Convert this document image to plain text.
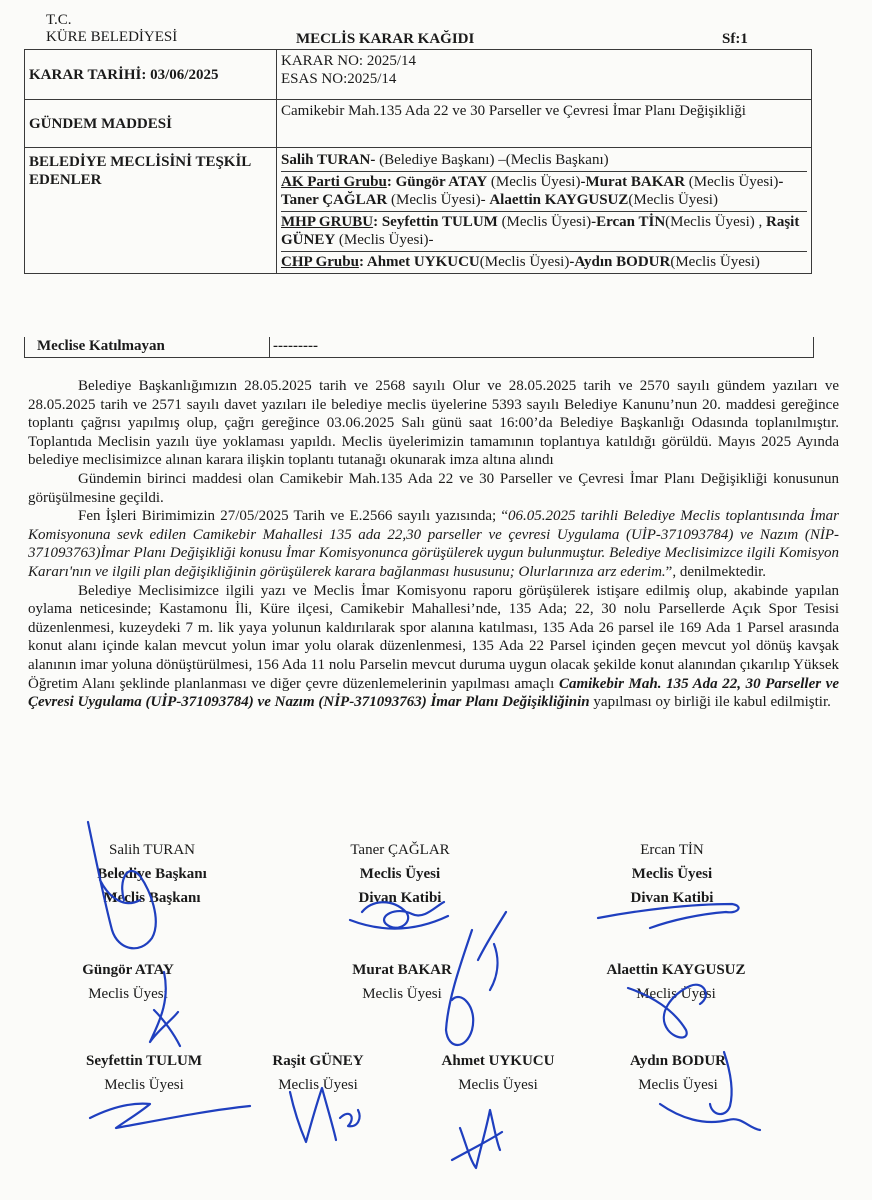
T.C.
KÜRE BELEDİYESİ	MECLİS KARAR KAĞIDI	Sf:1
KARAR TARİHİ: 03/06/2025	KARAR NO: 2025/14
ESAS NO:2025/14

GÜNDEM MADDESİ	Camikebir Mah.135 Ada 22 ve 30 Parseller ve Çevresi İmar Planı Değişikliği
BELEDİYE MECLİSİNİ TEŞKİL EDENLER	Salih TURAN- (Belediye Başkanı) –(Meclis Başkanı)
AK Parti Grubu: Güngör ATAY (Meclis Üyesi)-Murat BAKAR (Meclis Üyesi)-Taner ÇAĞLAR (Meclis Üyesi)- Alaettin KAYGUSUZ(Meclis Üyesi)
MHP GRUBU: Seyfettin TULUM (Meclis Üyesi)-Ercan TİN(Meclis Üyesi) , Raşit GÜNEY (Meclis Üyesi)-
CHP Grubu: Ahmet UYKUCU(Meclis Üyesi)-Aydın BODUR(Meclis Üyesi)
Meclise Katılmayan	---------

Belediye Başkanlığımızın 28.05.2025 tarih ve 2568 sayılı Olur ve 28.05.2025 tarih ve 2570 sayılı gündem yazıları ve 28.05.2025 tarih ve 2571 sayılı davet yazıları ile belediye meclis üyelerine 5393 sayılı Belediye Kanunu’nun 20. maddesi gereğince toplantı çağrısı yapılmış olup, çağrı gereğince 03.06.2025 Salı günü saat 16:00’da Belediye Başkanlığı Odasında toplanılmıştır. Toplantıda Meclisin yazılı üye yoklaması yapıldı. Meclis üyelerimizin tamamının toplantıya katıldığı görüldü. Mayıs 2025 Ayında belediye meclisimizce alınan karara ilişkin toplantı tutanağı okunarak imza altına alındı

Gündemin birinci maddesi olan Camikebir Mah.135 Ada 22 ve 30 Parseller ve Çevresi İmar Planı Değişikliği konusunun görüşülmesine geçildi.

Fen İşleri Birimimizin 27/05/2025 Tarih ve E.2566 sayılı yazısında; “06.05.2025 tarihli Belediye Meclis toplantısında İmar Komisyonuna sevk edilen Camikebir Mahallesi 135 ada 22,30 parseller ve çevresi Uygulama (UİP-371093784) ve Nazım (NİP-371093763)İmar Planı Değişikliği konusu İmar Komisyonunca görüşülerek uygun bulunmuştur. Belediye Meclisimizce ilgili Komisyon Kararı'nın ve ilgili plan değişikliğinin görüşülerek karara bağlanması hususunu; Olurlarınıza arz ederim.”, denilmektedir.

Belediye Meclisimizce ilgili yazı ve Meclis İmar Komisyonu raporu görüşülerek istişare edilmiş olup, akabinde yapılan oylama neticesinde; Kastamonu İli, Küre ilçesi, Camikebir Mahallesi’nde, 135 Ada; 22, 30 nolu Parsellerde Açık Spor Tesisi düzenlenmesi, kuzeydeki 7 m. lik yaya yolunun kaldırılarak spor alanına katılması, 135 Ada 26 parsel ile 169 Ada 1 Parsel arasında konut alanı içinde kalan mevcut yolun imar yolu olarak düzenlenmesi, 135 Ada 22 Parsel içinden geçen mevcut yol dönüş kavşak alanının imar yoluna dönüştürülmesi, 156 Ada 11 nolu Parselin mevcut duruma uygun olacak şekilde konut alanından çıkarılıp Yüksek Öğretim Alanı şeklinde planlanması ve diğer çevre düzenlemelerinin yapılması amaçlı Camikebir Mah. 135 Ada 22, 30 Parseller ve Çevresi Uygulama (UİP-371093784) ve Nazım (NİP-371093763) İmar Planı Değişikliğinin yapılması oy birliği ile kabul edilmiştir.

Salih TURAN
Belediye Başkanı
Meclis Başkanı
Taner ÇAĞLAR
Meclis Üyesi
Divan Katibi
Ercan TİN
Meclis Üyesi
Divan Katibi
Güngör ATAY
Meclis Üyesi
Murat BAKAR
Meclis Üyesi
Alaettin KAYGUSUZ
Meclis Üyesi
Seyfettin TULUM
Meclis Üyesi
Raşit GÜNEY
Meclis Üyesi
Ahmet UYKUCU
Meclis Üyesi
Aydın BODUR
Meclis Üyesi
